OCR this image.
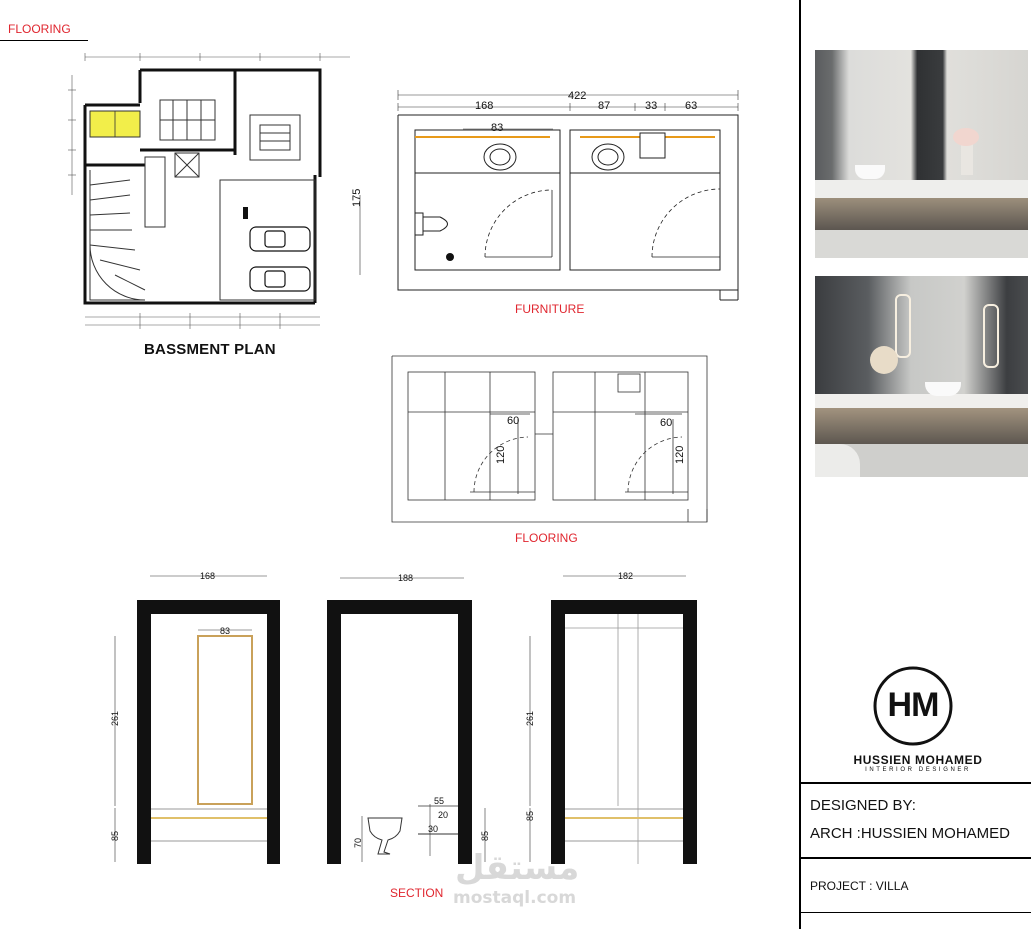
FLOORING
BASSMENT PLAN
422
168	87	33	63
175
83
FURNITURE
60
120
60
120
FLOORING
168
83
261
85
188
55
20
30
70
85
182
261
85
SECTION
مستقل
mostaql.com
HM
HUSSIEN MOHAMED
INTERIOR DESIGNER
DESIGNED BY:
ARCH :HUSSIEN MOHAMED
PROJECT : VILLA
